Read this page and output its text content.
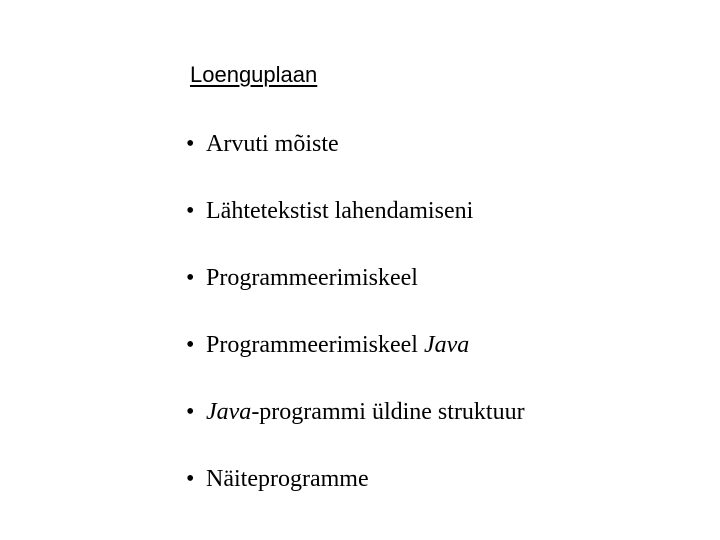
Loenguplaan
• Arvuti mõiste
• Lähtetekstist lahendamiseni
• Programmeerimiskeel
• Programmeerimiskeel Java
• Java-programmi üldine struktuur
• Näiteprogramme
